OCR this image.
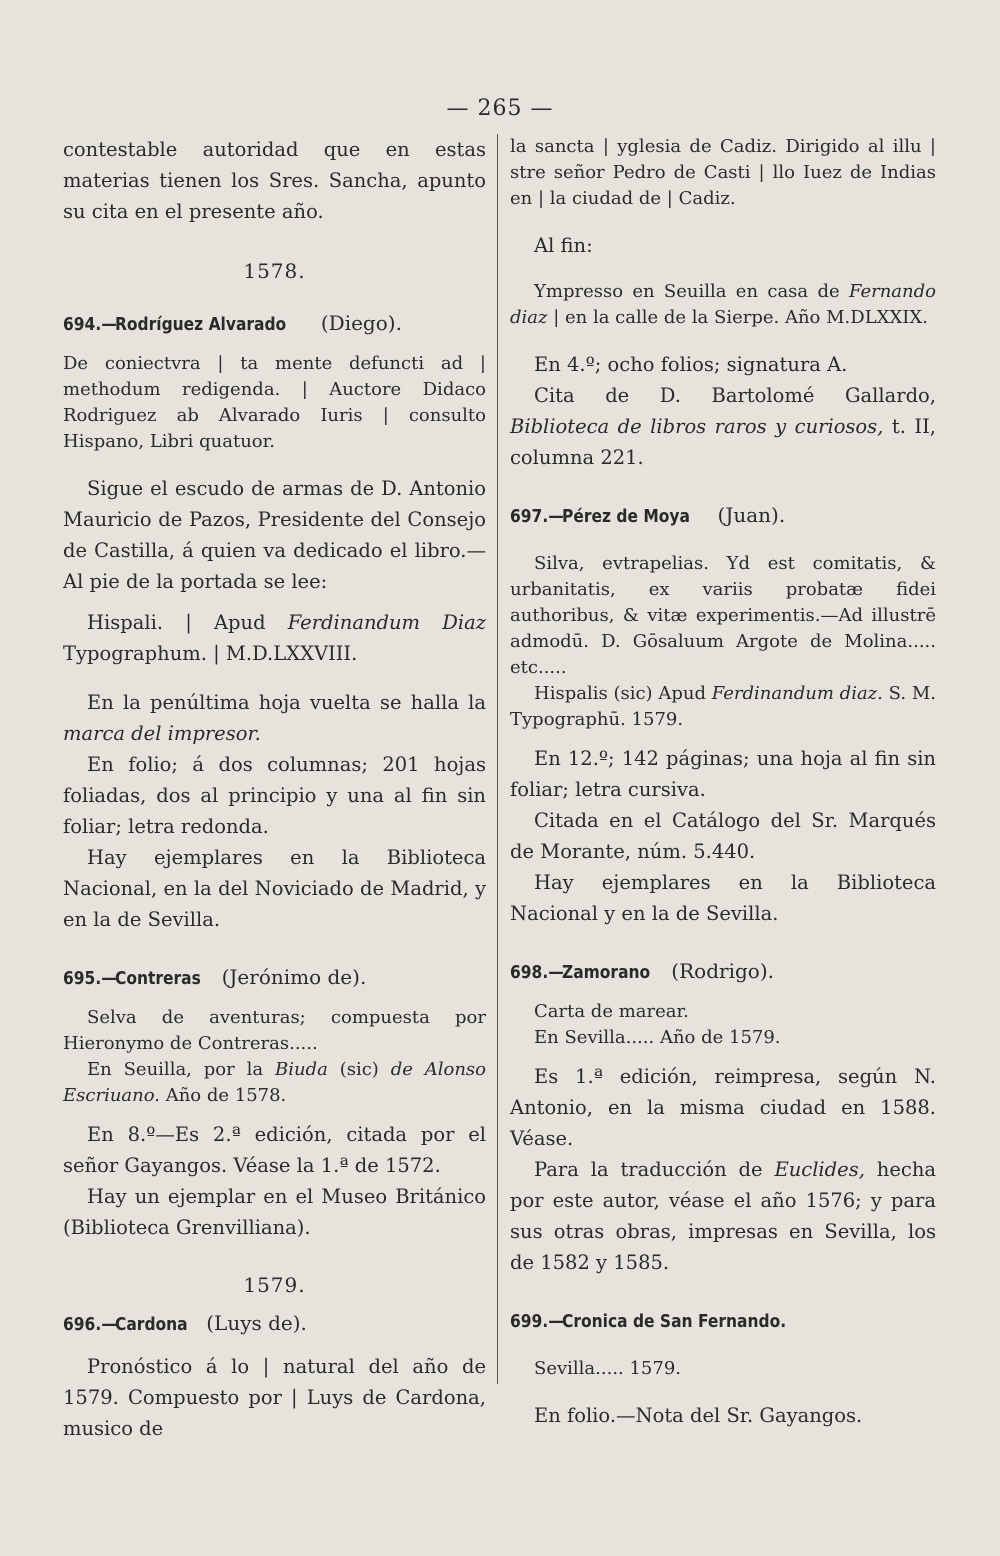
— 265 —

contestable autoridad que en estas materias tienen los Sres. Sancha, apunto su cita en el presente año.

1578.

694.—Rodríguez Alvarado (Diego).

De coniectvra | ta mente defuncti ad | methodum redigenda. | Auctore Didaco Rodriguez ab Alvarado Iuris | consulto Hispano, Libri quatuor.

Sigue el escudo de armas de D. Antonio Mauricio de Pazos, Presidente del Consejo de Castilla, á quien va dedicado el libro.— Al pie de la portada se lee:

Hispali. | Apud Ferdinandum Diaz Typographum. | M.D.LXXVIII.

En la penúltima hoja vuelta se halla la marca del impresor.

En folio; á dos columnas; 201 hojas foliadas, dos al principio y una al fin sin foliar; letra redonda.

Hay ejemplares en la Biblioteca Nacional, en la del Noviciado de Madrid, y en la de Sevilla.

695.—Contreras (Jerónimo de).

Selva de aventuras; compuesta por Hieronymo de Contreras.....

En Seuilla, por la Biuda (sic) de Alonso Escriuano. Año de 1578.

En 8.º—Es 2.ª edición, citada por el señor Gayangos. Véase la 1.ª de 1572.

Hay un ejemplar en el Museo Británico (Biblioteca Grenvilliana).

1579.

696.—Cardona (Luys de).

Pronóstico á lo | natural del año de 1579. Compuesto por | Luys de Cardona, musico de

la sancta | yglesia de Cadiz. Dirigido al illu | stre señor Pedro de Casti | llo Iuez de Indias en | la ciudad de | Cadiz.

Al fin:

Ympresso en Seuilla en casa de Fernando diaz | en la calle de la Sierpe. Año M.DLXXIX.

En 4.º; ocho folios; signatura A.

Cita de D. Bartolomé Gallardo, Biblioteca de libros raros y curiosos, t. II, columna 221.

697.—Pérez de Moya (Juan).

Silva, evtrapelias. Yd est comitatis, & urbanitatis, ex variis probatæ fidei authoribus, & vitæ experimentis.—Ad illustrē admodū. D. Gōsaluum Argote de Molina..... etc.....

Hispalis (sic) Apud Ferdinandum diaz. S. M. Typographū. 1579.

En 12.º; 142 páginas; una hoja al fin sin foliar; letra cursiva.

Citada en el Catálogo del Sr. Marqués de Morante, núm. 5.440.

Hay ejemplares en la Biblioteca Nacional y en la de Sevilla.

698.—Zamorano (Rodrigo).

Carta de marear.

En Sevilla..... Año de 1579.

Es 1.ª edición, reimpresa, según N. Antonio, en la misma ciudad en 1588. Véase.

Para la traducción de Euclides, hecha por este autor, véase el año 1576; y para sus otras obras, impresas en Sevilla, los de 1582 y 1585.

699.—Cronica de San Fernando.

Sevilla..... 1579.

En folio.—Nota del Sr. Gayangos.
